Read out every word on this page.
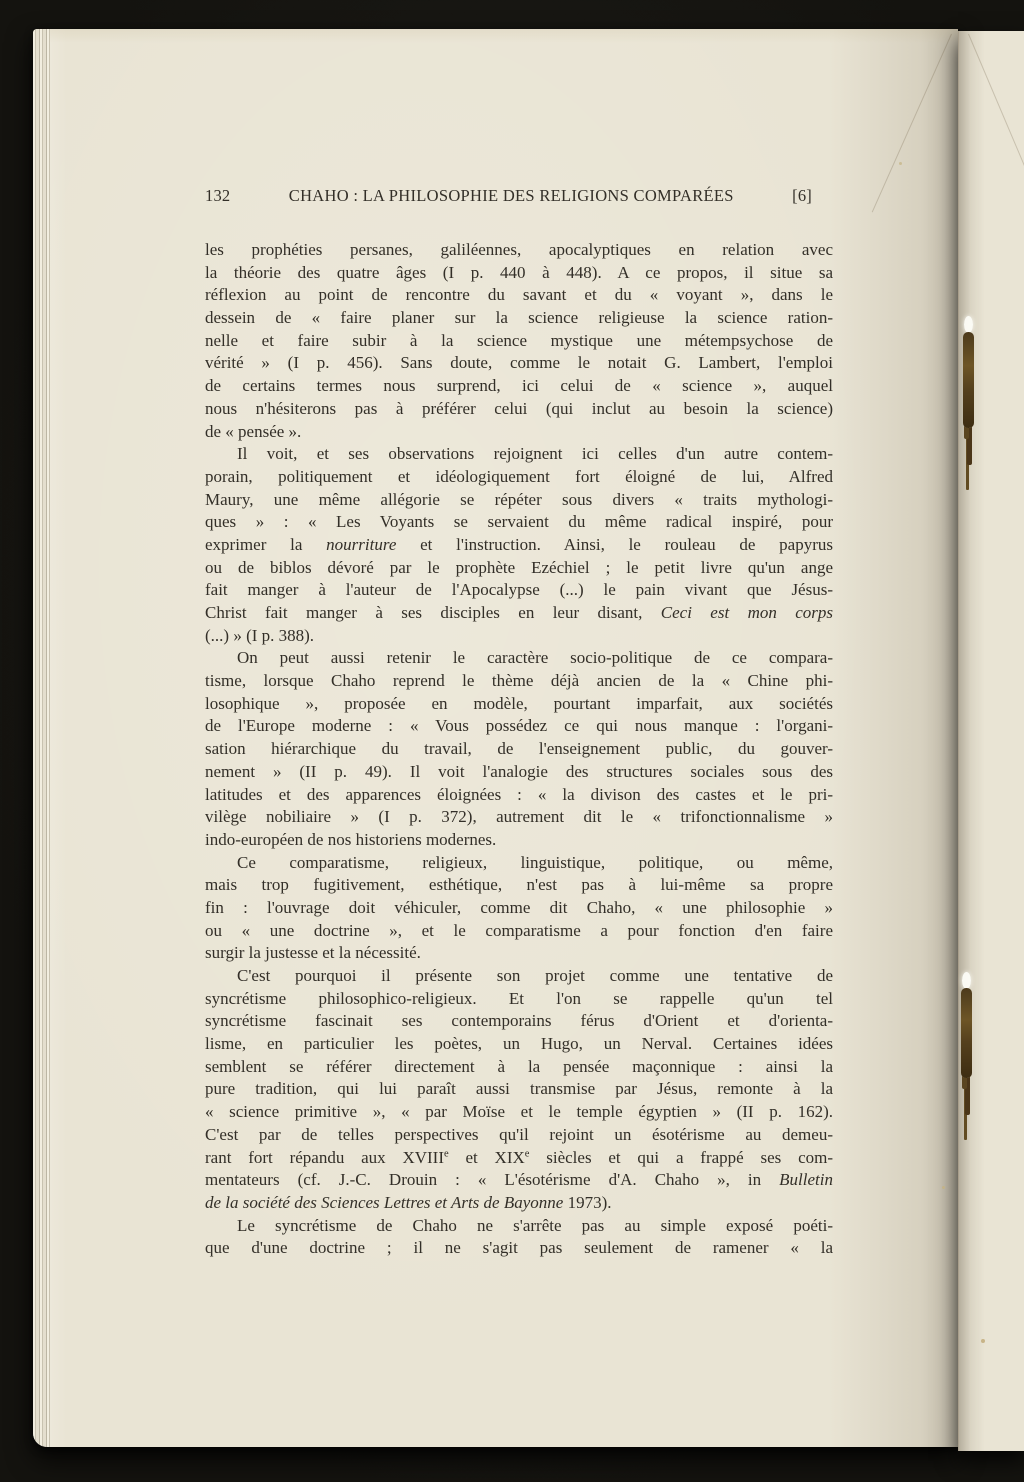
132	CHAHO : LA PHILOSOPHIE DES RELIGIONS COMPARÉES	[6]
les prophéties persanes, galiléennes, apocalyptiques en relation avec
la théorie des quatre âges (I p. 440 à 448). A ce propos, il situe sa
réflexion au point de rencontre du savant et du « voyant », dans le
dessein de « faire planer sur la science religieuse la science ration-
nelle et faire subir à la science mystique une métempsychose de
vérité » (I p. 456). Sans doute, comme le notait G. Lambert, l'emploi
de certains termes nous surprend, ici celui de « science », auquel
nous n'hésiterons pas à préférer celui (qui inclut au besoin la science)
de « pensée ».
Il voit, et ses observations rejoignent ici celles d'un autre contem-
porain, politiquement et idéologiquement fort éloigné de lui, Alfred
Maury, une même allégorie se répéter sous divers « traits mythologi-
ques » : « Les Voyants se servaient du même radical inspiré, pour
exprimer la nourriture et l'instruction. Ainsi, le rouleau de papyrus
ou de biblos dévoré par le prophète Ezéchiel ; le petit livre qu'un ange
fait manger à l'auteur de l'Apocalypse (...) le pain vivant que Jésus-
Christ fait manger à ses disciples en leur disant, Ceci est mon corps
(...) » (I p. 388).
On peut aussi retenir le caractère socio-politique de ce compara-
tisme, lorsque Chaho reprend le thème déjà ancien de la « Chine phi-
losophique », proposée en modèle, pourtant imparfait, aux sociétés
de l'Europe moderne : « Vous possédez ce qui nous manque : l'organi-
sation hiérarchique du travail, de l'enseignement public, du gouver-
nement » (II p. 49). Il voit l'analogie des structures sociales sous des
latitudes et des apparences éloignées : « la divison des castes et le pri-
vilège nobiliaire » (I p. 372), autrement dit le « trifonctionnalisme »
indo-européen de nos historiens modernes.
Ce comparatisme, religieux, linguistique, politique, ou même,
mais trop fugitivement, esthétique, n'est pas à lui-même sa propre
fin : l'ouvrage doit véhiculer, comme dit Chaho, « une philosophie »
ou « une doctrine », et le comparatisme a pour fonction d'en faire
surgir la justesse et la nécessité.
C'est pourquoi il présente son projet comme une tentative de
syncrétisme philosophico-religieux. Et l'on se rappelle qu'un tel
syncrétisme fascinait ses contemporains férus d'Orient et d'orienta-
lisme, en particulier les poètes, un Hugo, un Nerval. Certaines idées
semblent se référer directement à la pensée maçonnique : ainsi la
pure tradition, qui lui paraît aussi transmise par Jésus, remonte à la
« science primitive », « par Moïse et le temple égyptien » (II p. 162).
C'est par de telles perspectives qu'il rejoint un ésotérisme au demeu-
rant fort répandu aux XVIIIe et XIXe siècles et qui a frappé ses com-
mentateurs (cf. J.-C. Drouin : « L'ésotérisme d'A. Chaho », in Bulletin
de la société des Sciences Lettres et Arts de Bayonne 1973).
Le syncrétisme de Chaho ne s'arrête pas au simple exposé poéti-
que d'une doctrine ; il ne s'agit pas seulement de ramener « la
